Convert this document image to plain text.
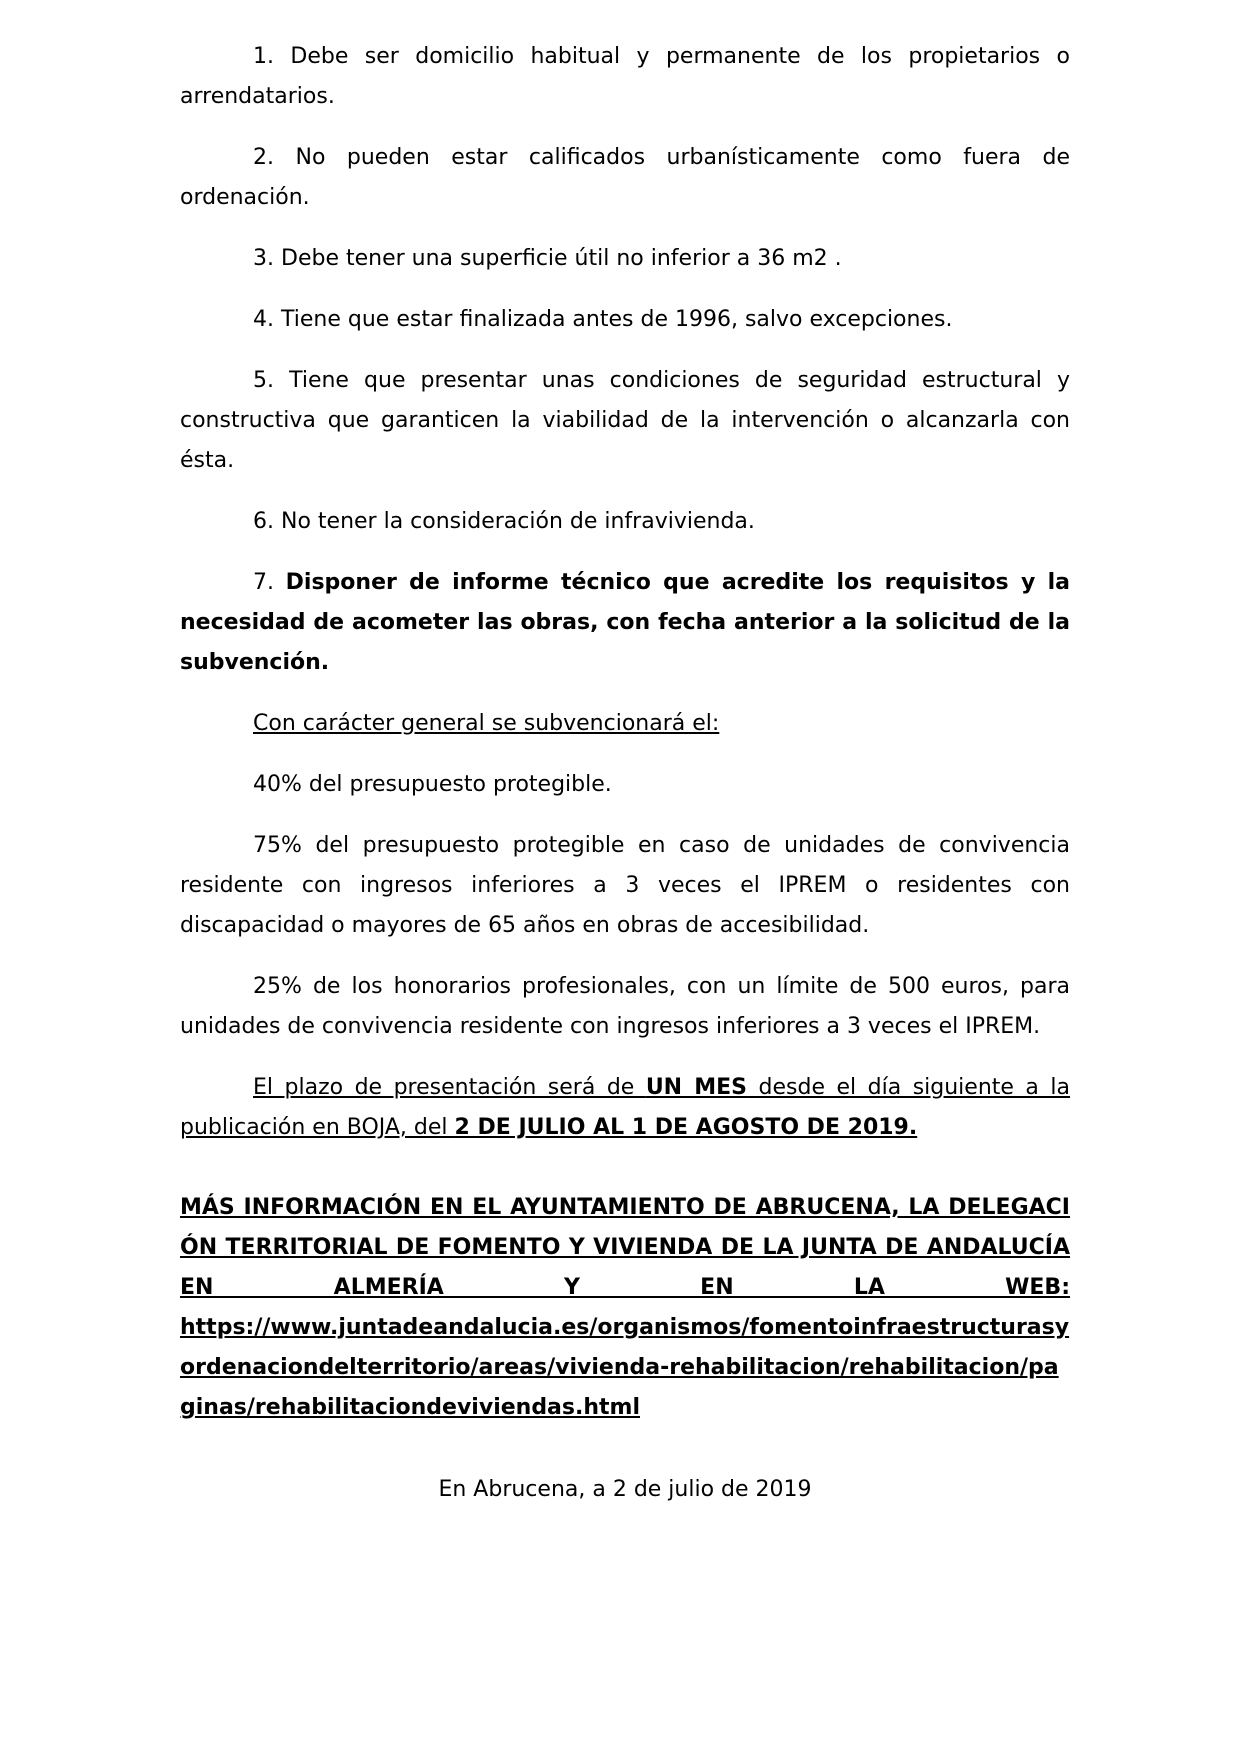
1. Debe ser domicilio habitual y permanente de los propietarios o arrendatarios.

2. No pueden estar calificados urbanísticamente como fuera de ordenación.

3. Debe tener una superficie útil no inferior a 36 m2 .

4. Tiene que estar finalizada antes de 1996, salvo excepciones.

5. Tiene que presentar unas condiciones de seguridad estructural y constructiva que garanticen la viabilidad de la intervención o alcanzarla con ésta.

6. No tener la consideración de infravivienda.

7. Disponer de informe técnico que acredite los requisitos y la necesidad de acometer las obras, con fecha anterior a la solicitud de la subvención.

Con carácter general se subvencionará el:

40% del presupuesto protegible.

75% del presupuesto protegible en caso de unidades de convivencia residente con ingresos inferiores a 3 veces el IPREM o residentes con discapacidad o mayores de 65 años en obras de accesibilidad.

25% de los honorarios profesionales, con un límite de 500 euros, para unidades de convivencia residente con ingresos inferiores a 3 veces el IPREM.

El plazo de presentación será de UN MES desde el día siguiente a la publicación en BOJA, del 2 DE JULIO AL 1 DE AGOSTO DE 2019.

MÁS INFORMACIÓN EN EL AYUNTAMIENTO DE ABRUCENA, LA DELEGACIÓN TERRITORIAL DE FOMENTO Y VIVIENDA DE LA JUNTA DE ANDALUCÍA EN ALMERÍA Y EN LA WEB:
https://www.juntadeandalucia.es/organismos/fomentoinfraestructurasyordenaciondelterritorio/areas/vivienda-rehabilitacion/rehabilitacion/paginas/rehabilitaciondeviviendas.html

En Abrucena, a 2 de julio de 2019
